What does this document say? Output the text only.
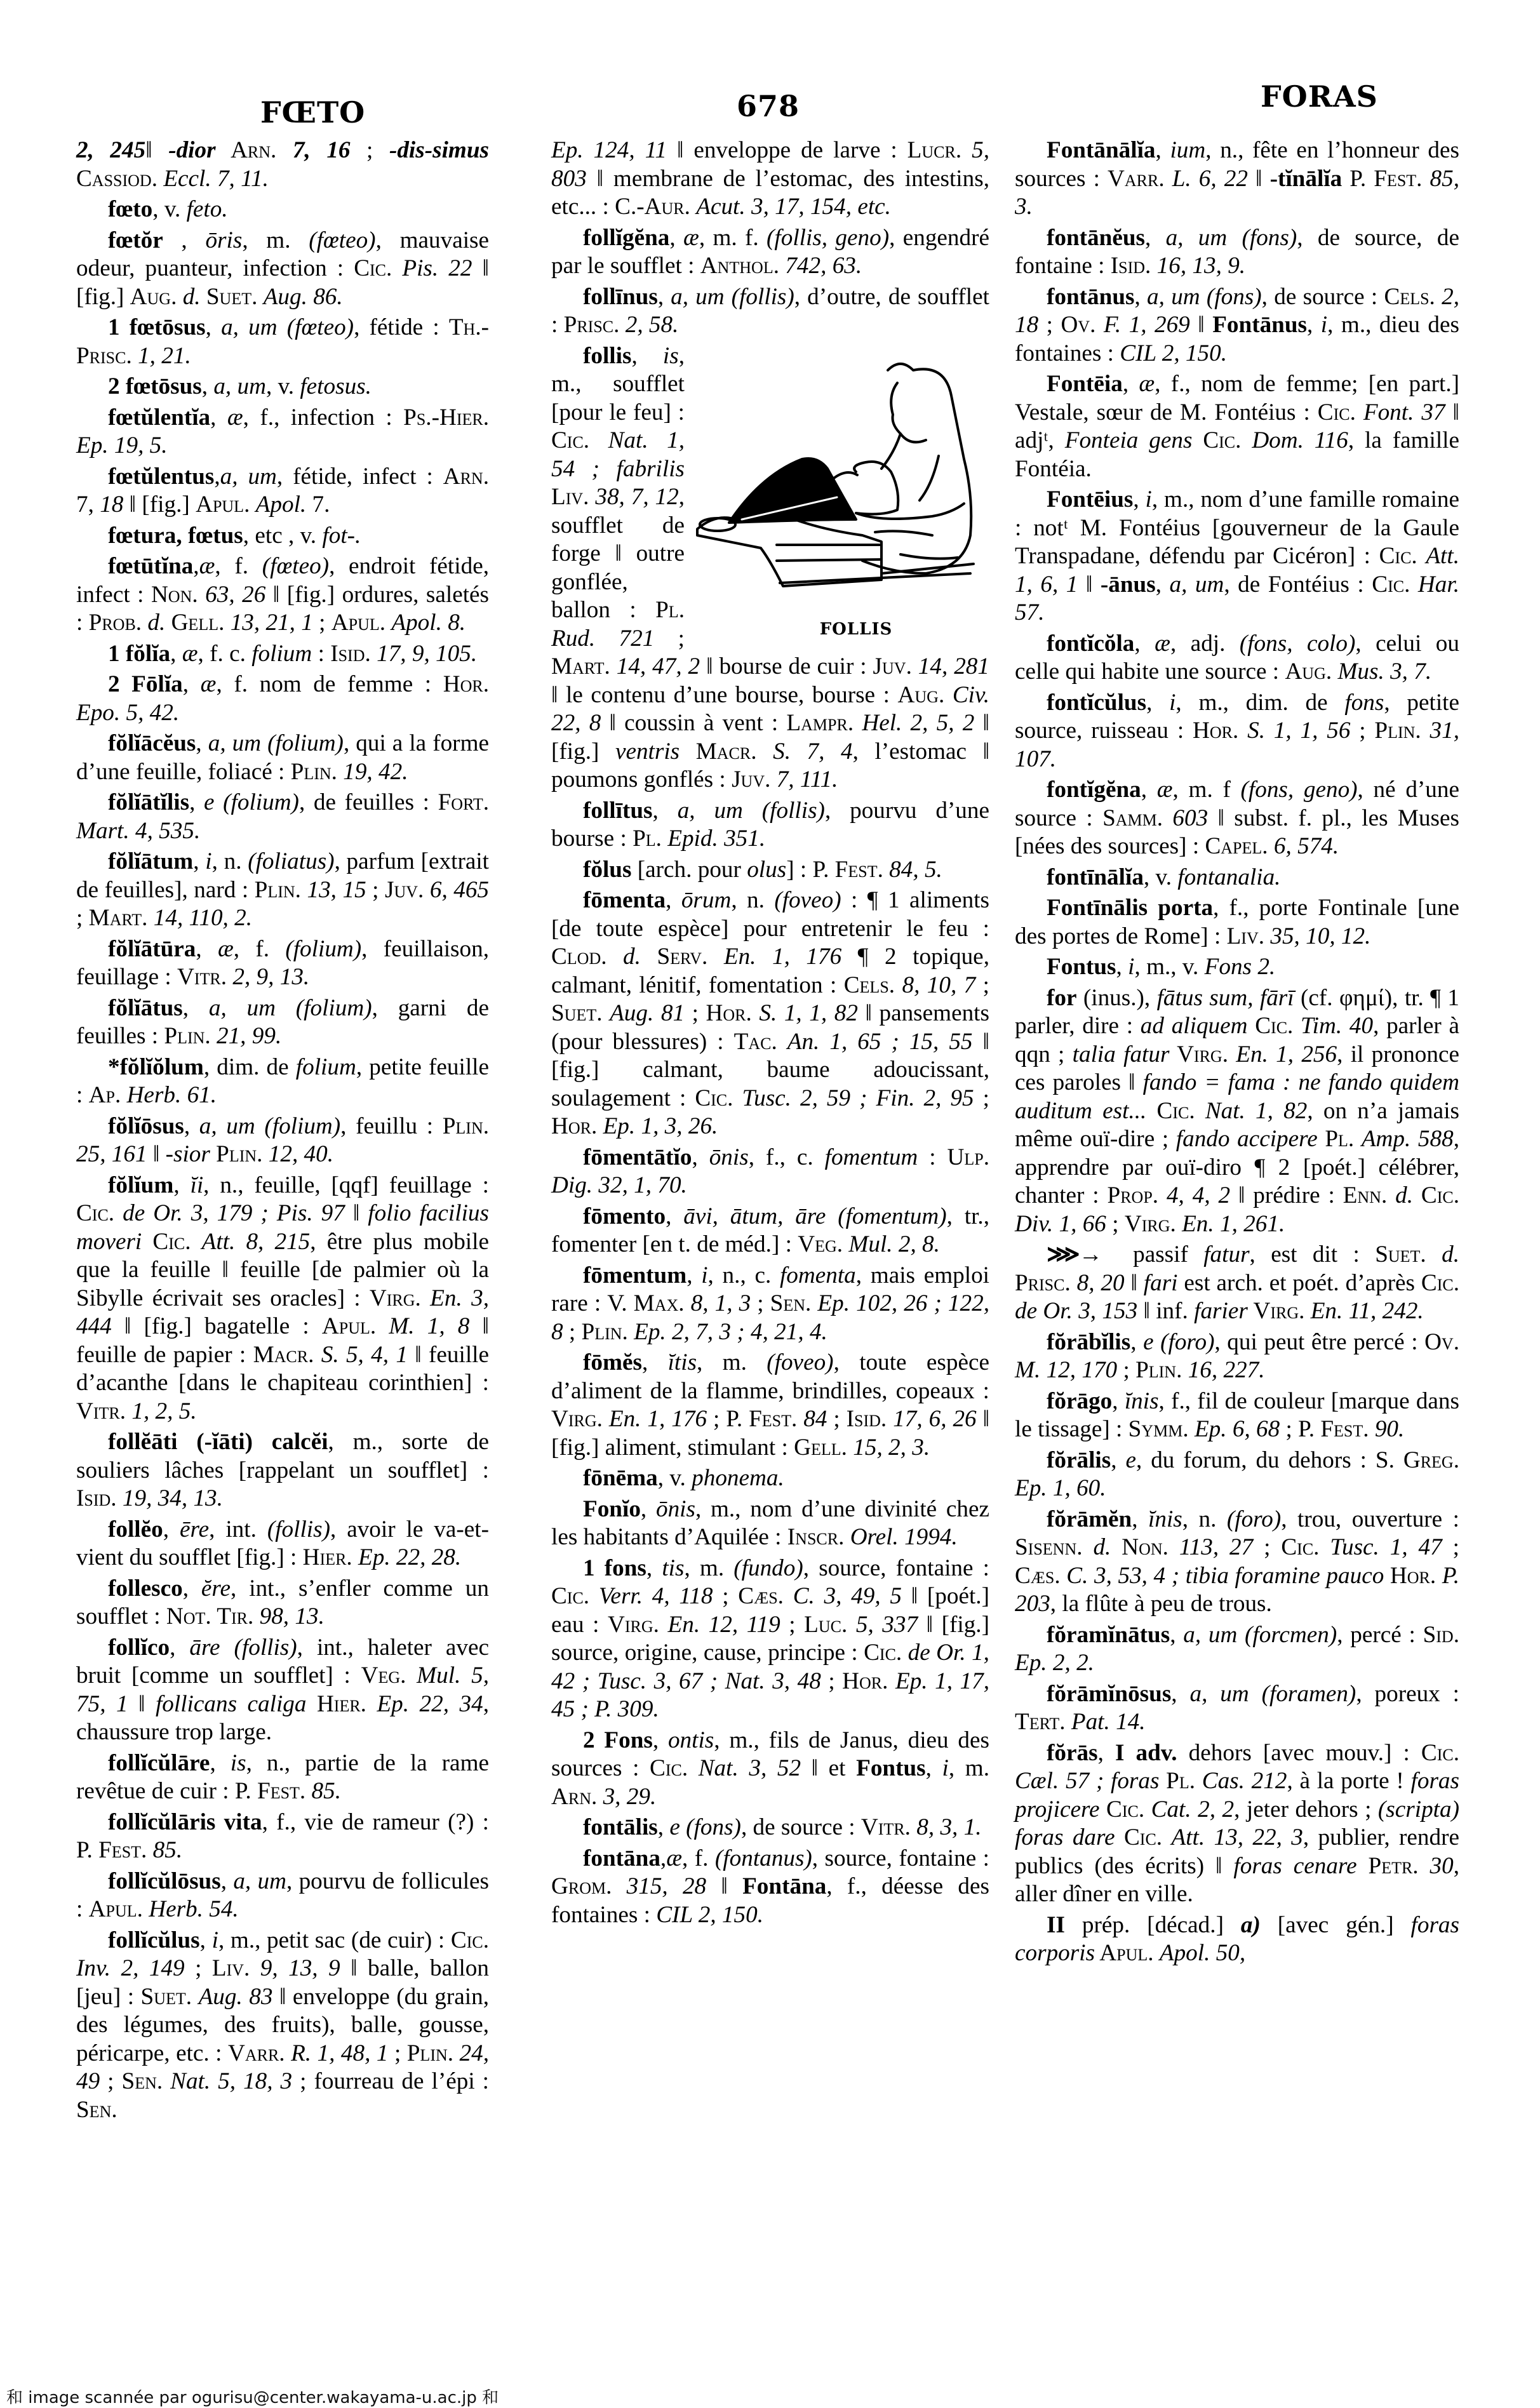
FŒTO	678	FORAS

2, 245‖ -dior Arn. 7, 16 ; -dis-simus Cassiod. Eccl. 7, 11.

fœto, v. feto.

fœtŏr , ōris, m. (fœteo), mauvaise odeur, puanteur, infection : Cic. Pis. 22 ‖ [fig.] Aug. d. Suet. Aug. 86.

1 fœtōsus, a, um (fœteo), fétide : Th.-Prisc. 1, 21.

2 fœtōsus, a, um, v. fetosus.

fœtŭlentĭa, æ, f., infection : Ps.-Hier. Ep. 19, 5.

fœtŭlentus,a, um, fétide, infect : Arn. 7, 18 ‖ [fig.] Apul. Apol. 7.

fœtura, fœtus, etc , v. fot-.

fœtūtĭna,æ, f. (fœteo), endroit fétide, infect : Non. 63, 26 ‖ [fig.] ordures, saletés : Prob. d. Gell. 13, 21, 1 ; Apul. Apol. 8.

1 fŏlĭa, æ, f. c. folium : Isid. 17, 9, 105.

2 Fōlĭa, æ, f. nom de femme : Hor. Epo. 5, 42.

fŏlĭācĕus, a, um (folium), qui a la forme d’une feuille, foliacé : Plin. 19, 42.

fŏlĭātĭlis, e (folium), de feuilles : Fort. Mart. 4, 535.

fŏlĭātum, i, n. (foliatus), parfum [extrait de feuilles], nard : Plin. 13, 15 ; Juv. 6, 465 ; Mart. 14, 110, 2.

fŏlĭātūra, æ, f. (folium), feuillaison, feuillage : Vitr. 2, 9, 13.

fŏlĭātus, a, um (folium), garni de feuilles : Plin. 21, 99.

*fŏlĭŏlum, dim. de folium, petite feuille : Ap. Herb. 61.

fŏlĭōsus, a, um (folium), feuillu : Plin. 25, 161 ‖ -sior Plin. 12, 40.

fŏlĭum, ĭi, n., feuille, [qqf] feuillage : Cic. de Or. 3, 179 ; Pis. 97 ‖ folio facilius moveri Cic. Att. 8, 215, être plus mobile que la feuille ‖ feuille [de palmier où la Sibylle écrivait ses oracles] : Virg. En. 3, 444 ‖ [fig.] bagatelle : Apul. M. 1, 8 ‖ feuille de papier : Macr. S. 5, 4, 1 ‖ feuille d’acanthe [dans le chapiteau corinthien] : Vitr. 1, 2, 5.

follĕāti (-ĭāti) calcĕi, m., sorte de souliers lâches [rappelant un soufflet] : Isid. 19, 34, 13.

follĕo, ēre, int. (follis), avoir le va-et-vient du soufflet [fig.] : Hier. Ep. 22, 28.

follesco, ĕre, int., s’enfler comme un soufflet : Not. Tir. 98, 13.

follĭco, āre (follis), int., haleter avec bruit [comme un soufflet] : Veg. Mul. 5, 75, 1 ‖ follicans caliga Hier. Ep. 22, 34, chaussure trop large.

follĭcŭlāre, is, n., partie de la rame revêtue de cuir : P. Fest. 85.

follĭcŭlāris vita, f., vie de rameur (?) : P. Fest. 85.

follĭcŭlōsus, a, um, pourvu de follicules : Apul. Herb. 54.

follĭcŭlus, i, m., petit sac (de cuir) : Cic. Inv. 2, 149 ; Liv. 9, 13, 9 ‖ balle, ballon [jeu] : Suet. Aug. 83 ‖ enveloppe (du grain, des légumes, des fruits), balle, gousse, péricarpe, etc. : Varr. R. 1, 48, 1 ; Plin. 24, 49 ; Sen. Nat. 5, 18, 3 ; fourreau de l’épi : Sen.

Ep. 124, 11 ‖ enveloppe de larve : Lucr. 5, 803 ‖ membrane de l’estomac, des intestins, etc... : C.-Aur. Acut. 3, 17, 154, etc.

follĭgĕna, æ, m. f. (follis, geno), engendré par le soufflet : Anthol. 742, 63.

follīnus, a, um (follis), d’outre, de soufflet : Prisc. 2, 58.

FOLLIS
follis, is, m., soufflet [pour le feu] : Cic. Nat. 1, 54 ; fabrilis Liv. 38, 7, 12, soufflet de forge ‖ outre gonflée, ballon : Pl. Rud. 721 ; Mart. 14, 47, 2 ‖ bourse de cuir : Juv. 14, 281 ‖ le contenu d’une bourse, bourse : Aug. Civ. 22, 8 ‖ coussin à vent : Lampr. Hel. 2, 5, 2 ‖ [fig.] ventris Macr. S. 7, 4, l’estomac ‖ poumons gonflés : Juv. 7, 111.

follītus, a, um (follis), pourvu d’une bourse : Pl. Epid. 351.

fŏlus [arch. pour olus] : P. Fest. 84, 5.

fōmenta, ōrum, n. (foveo) : ¶ 1 aliments [de toute espèce] pour entretenir le feu : Clod. d. Serv. En. 1, 176 ¶ 2 topique, calmant, lénitif, fomentation : Cels. 8, 10, 7 ; Suet. Aug. 81 ; Hor. S. 1, 1, 82 ‖ pansements (pour blessures) : Tac. An. 1, 65 ; 15, 55 ‖ [fig.] calmant, baume adoucissant, soulagement : Cic. Tusc. 2, 59 ; Fin. 2, 95 ; Hor. Ep. 1, 3, 26.

fōmentātĭo, ōnis, f., c. fomentum : Ulp. Dig. 32, 1, 70.

fōmento, āvi, ātum, āre (fomentum), tr., fomenter [en t. de méd.] : Veg. Mul. 2, 8.

fōmentum, i, n., c. fomenta, mais emploi rare : V. Max. 8, 1, 3 ; Sen. Ep. 102, 26 ; 122, 8 ; Plin. Ep. 2, 7, 3 ; 4, 21, 4.

fōmĕs, ĭtis, m. (foveo), toute espèce d’aliment de la flamme, brindilles, copeaux : Virg. En. 1, 176 ; P. Fest. 84 ; Isid. 17, 6, 26 ‖ [fig.] aliment, stimulant : Gell. 15, 2, 3.

fōnēma, v. phonema.

Fonĭo, ōnis, m., nom d’une divinité chez les habitants d’Aquilée : Inscr. Orel. 1994.

1 fons, tis, m. (fundo), source, fontaine : Cic. Verr. 4, 118 ; Cæs. C. 3, 49, 5 ‖ [poét.] eau : Virg. En. 12, 119 ; Luc. 5, 337 ‖ [fig.] source, origine, cause, principe : Cic. de Or. 1, 42 ; Tusc. 3, 67 ; Nat. 3, 48 ; Hor. Ep. 1, 17, 45 ; P. 309.

2 Fons, ontis, m., fils de Janus, dieu des sources : Cic. Nat. 3, 52 ‖ et Fontus, i, m. Arn. 3, 29.

fontālis, e (fons), de source : Vitr. 8, 3, 1.

fontāna,æ, f. (fontanus), source, fontaine : Grom. 315, 28 ‖ Fontāna, f., déesse des fontaines : CIL 2, 150.

Fontānālĭa, ium, n., fête en l’honneur des sources : Varr. L. 6, 22 ‖ -tĭnālĭa P. Fest. 85, 3.

fontānĕus, a, um (fons), de source, de fontaine : Isid. 16, 13, 9.

fontānus, a, um (fons), de source : Cels. 2, 18 ; Ov. F. 1, 269 ‖ Fontānus, i, m., dieu des fontaines : CIL 2, 150.

Fontēia, æ, f., nom de femme; [en part.] Vestale, sœur de M. Fontéius : Cic. Font. 37 ‖ adjᵗ, Fonteia gens Cic. Dom. 116, la famille Fontéia.

Fontēius, i, m., nom d’une famille romaine : notᵗ M. Fontéius [gouverneur de la Gaule Transpadane, défendu par Cicéron] : Cic. Att. 1, 6, 1 ‖ -ānus, a, um, de Fontéius : Cic. Har. 57.

fontĭcŏla, æ, adj. (fons, colo), celui ou celle qui habite une source : Aug. Mus. 3, 7.

fontĭcŭlus, i, m., dim. de fons, petite source, ruisseau : Hor. S. 1, 1, 56 ; Plin. 31, 107.

fontĭgĕna, æ, m. f (fons, geno), né d’une source : Samm. 603 ‖ subst. f. pl., les Muses [nées des sources] : Capel. 6, 574.

fontīnālĭa, v. fontanalia.

Fontīnālis porta, f., porte Fontinale [une des portes de Rome] : Liv. 35, 10, 12.

Fontus, i, m., v. Fons 2.

for (inus.), fātus sum, fārī (cf. φημί), tr. ¶ 1 parler, dire : ad aliquem Cic. Tim. 40, parler à qqn ; talia fatur Virg. En. 1, 256, il prononce ces paroles ‖ fando = fama : ne fando quidem auditum est... Cic. Nat. 1, 82, on n’a jamais même ouï-dire ; fando accipere Pl. Amp. 588, apprendre par ouï-diro ¶ 2 [poét.] célébrer, chanter : Prop. 4, 4, 2 ‖ prédire : Enn. d. Cic. Div. 1, 66 ; Virg. En. 1, 261.

⋙→ passif fatur, est dit : Suet. d. Prisc. 8, 20 ‖ fari est arch. et poét. d’après Cic. de Or. 3, 153 ‖ inf. farier Virg. En. 11, 242.

fŏrābĭlis, e (foro), qui peut être percé : Ov. M. 12, 170 ; Plin. 16, 227.

fŏrāgo, ĭnis, f., fil de couleur [marque dans le tissage] : Symm. Ep. 6, 68 ; P. Fest. 90.

fŏrālis, e, du forum, du dehors : S. Greg. Ep. 1, 60.

fŏrāmĕn, ĭnis, n. (foro), trou, ouverture : Sisenn. d. Non. 113, 27 ; Cic. Tusc. 1, 47 ; Cæs. C. 3, 53, 4 ; tibia foramine pauco Hor. P. 203, la flûte à peu de trous.

fŏramĭnātus, a, um (forcmen), percé : Sid. Ep. 2, 2.

fŏrāmĭnōsus, a, um (foramen), poreux : Tert. Pat. 14.

fŏrās, I adv. dehors [avec mouv.] : Cic. Cæl. 57 ; foras Pl. Cas. 212, à la porte ! foras projicere Cic. Cat. 2, 2, jeter dehors ; (scripta) foras dare Cic. Att. 13, 22, 3, publier, rendre publics (des écrits) ‖ foras cenare Petr. 30, aller dîner en ville.

II prép. [décad.] a) [avec gén.] foras corporis Apul. Apol. 50,

和 image scannée par ogurisu@center.wakayama-u.ac.jp 和
